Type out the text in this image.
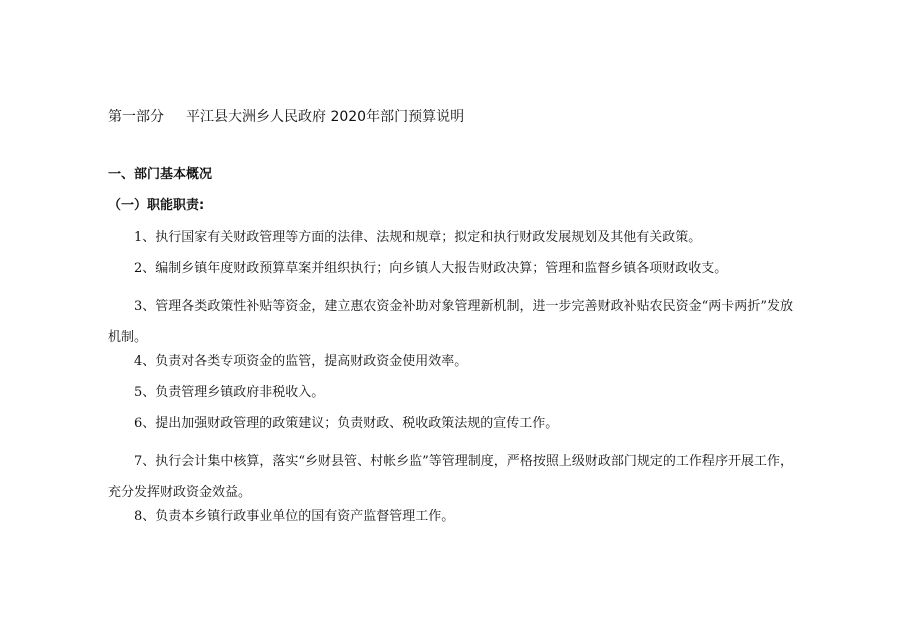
第一部分 平江县大洲乡人民政府 2020年部门预算说明
一、部门基本概况
（一）职能职责:
1、执行国家有关财政管理等方面的法律、法规和规章；拟定和执行财政发展规划及其他有关政策。
2、编制乡镇年度财政预算草案并组织执行；向乡镇人大报告财政决算；管理和监督乡镇各项财政收支。
3、管理各类政策性补贴等资金，建立惠农资金补助对象管理新机制，进一步完善财政补贴农民资金“两卡两折”发放机制。
4、负责对各类专项资金的监管，提高财政资金使用效率。
5、负责管理乡镇政府非税收入。
6、提出加强财政管理的政策建议；负责财政、税收政策法规的宣传工作。
7、执行会计集中核算，落实“乡财县管、村帐乡监”等管理制度，严格按照上级财政部门规定的工作程序开展工作，充分发挥财政资金效益。
8、负责本乡镇行政事业单位的国有资产监督管理工作。
